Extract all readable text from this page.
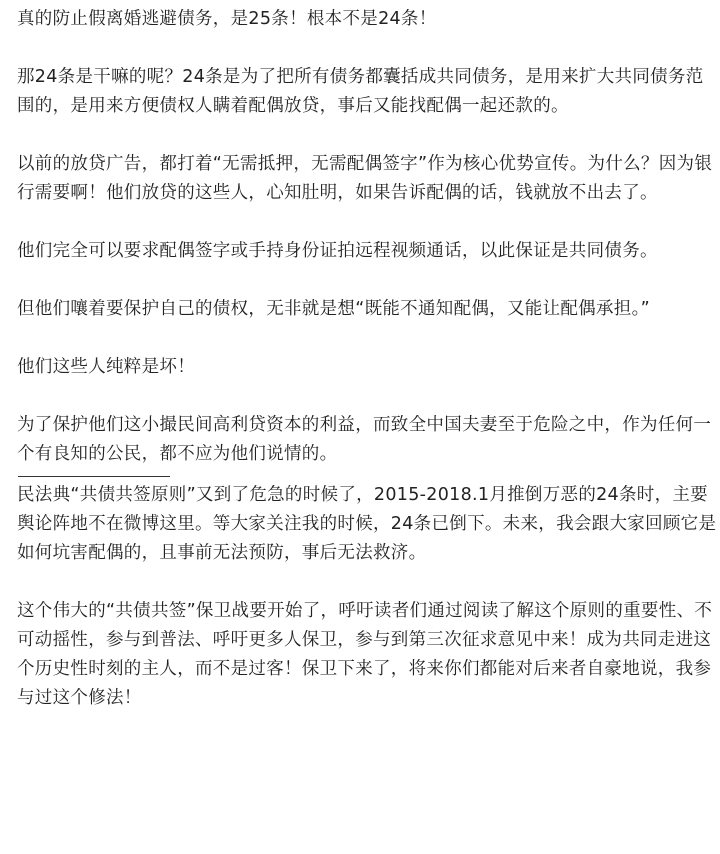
真的防止假离婚逃避债务，是25条！根本不是24条！

那24条是干嘛的呢？24条是为了把所有债务都囊括成共同债务，是用来扩大共同债务范围的，是用来方便债权人瞒着配偶放贷，事后又能找配偶一起还款的。

以前的放贷广告，都打着“无需抵押，无需配偶签字”作为核心优势宣传。为什么？因为银行需要啊！他们放贷的这些人，心知肚明，如果告诉配偶的话，钱就放不出去了。

他们完全可以要求配偶签字或手持身份证拍远程视频通话，以此保证是共同债务。

但他们嚷着要保护自己的债权，无非就是想“既能不通知配偶，又能让配偶承担。”

他们这些人纯粹是坏！

为了保护他们这小撮民间高利贷资本的利益，而致全中国夫妻至于危险之中，作为任何一个有良知的公民，都不应为他们说情的。

民法典“共债共签原则”又到了危急的时候了，2015-2018.1月推倒万恶的24条时，主要舆论阵地不在微博这里。等大家关注我的时候，24条已倒下。未来，我会跟大家回顾它是如何坑害配偶的，且事前无法预防，事后无法救济。

这个伟大的“共债共签”保卫战要开始了，呼吁读者们通过阅读了解这个原则的重要性、不可动摇性，参与到普法、呼吁更多人保卫，参与到第三次征求意见中来！成为共同走进这个历史性时刻的主人，而不是过客！保卫下来了，将来你们都能对后来者自豪地说，我参与过这个修法！
